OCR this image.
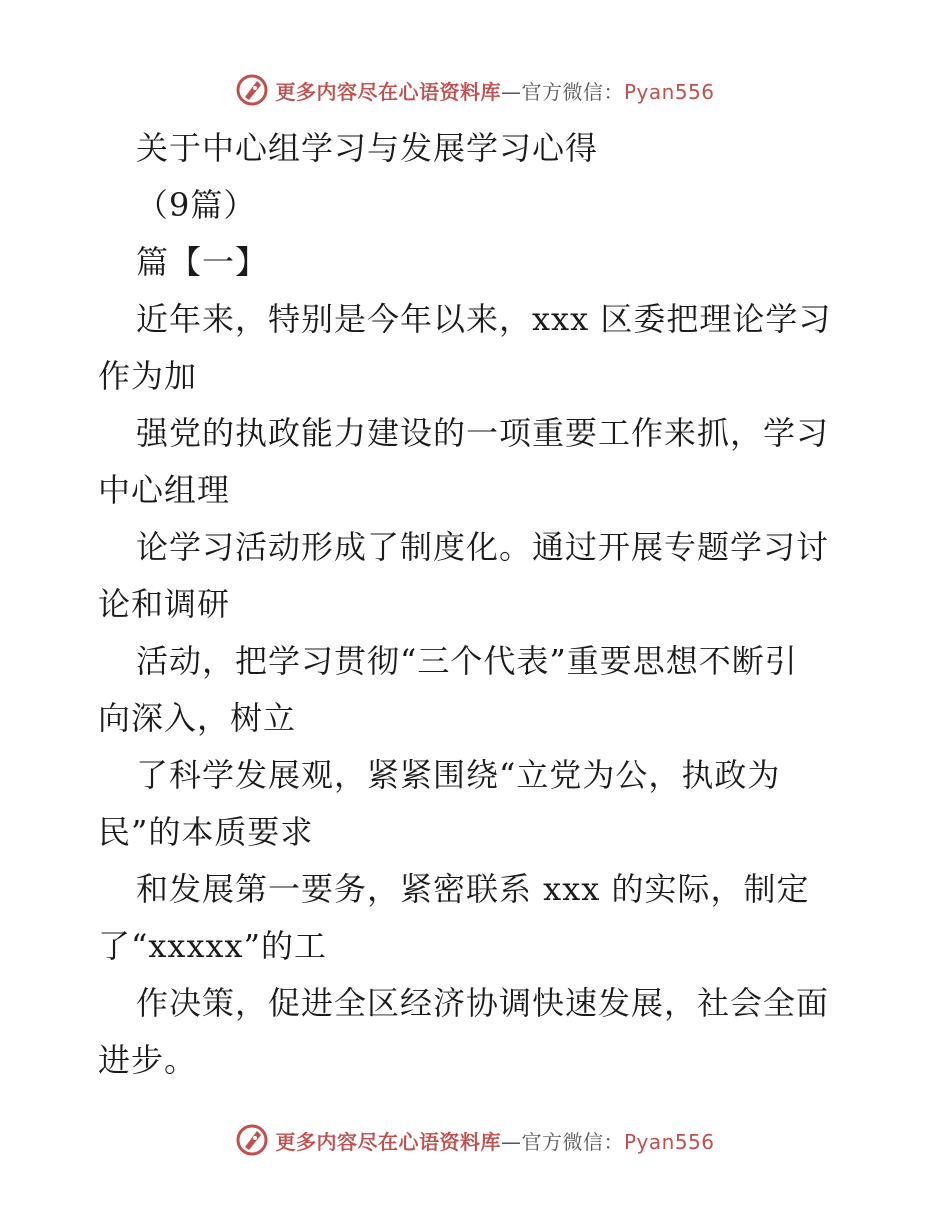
更多内容尽在心语资料库—官方微信：Pyan556
关于中心组学习与发展学习心得
（9篇）
篇【一】
近年来，特别是今年以来，xxx 区委把理论学习
作为加
强党的执政能力建设的一项重要工作来抓，学习
中心组理
论学习活动形成了制度化。通过开展专题学习讨
论和调研
活动，把学习贯彻“三个代表”重要思想不断引
向深入，树立
了科学发展观，紧紧围绕“立党为公，执政为
民”的本质要求
和发展第一要务，紧密联系 xxx 的实际，制定
了“xxxxx”的工
作决策，促进全区经济协调快速发展，社会全面
进步。
更多内容尽在心语资料库—官方微信：Pyan556
